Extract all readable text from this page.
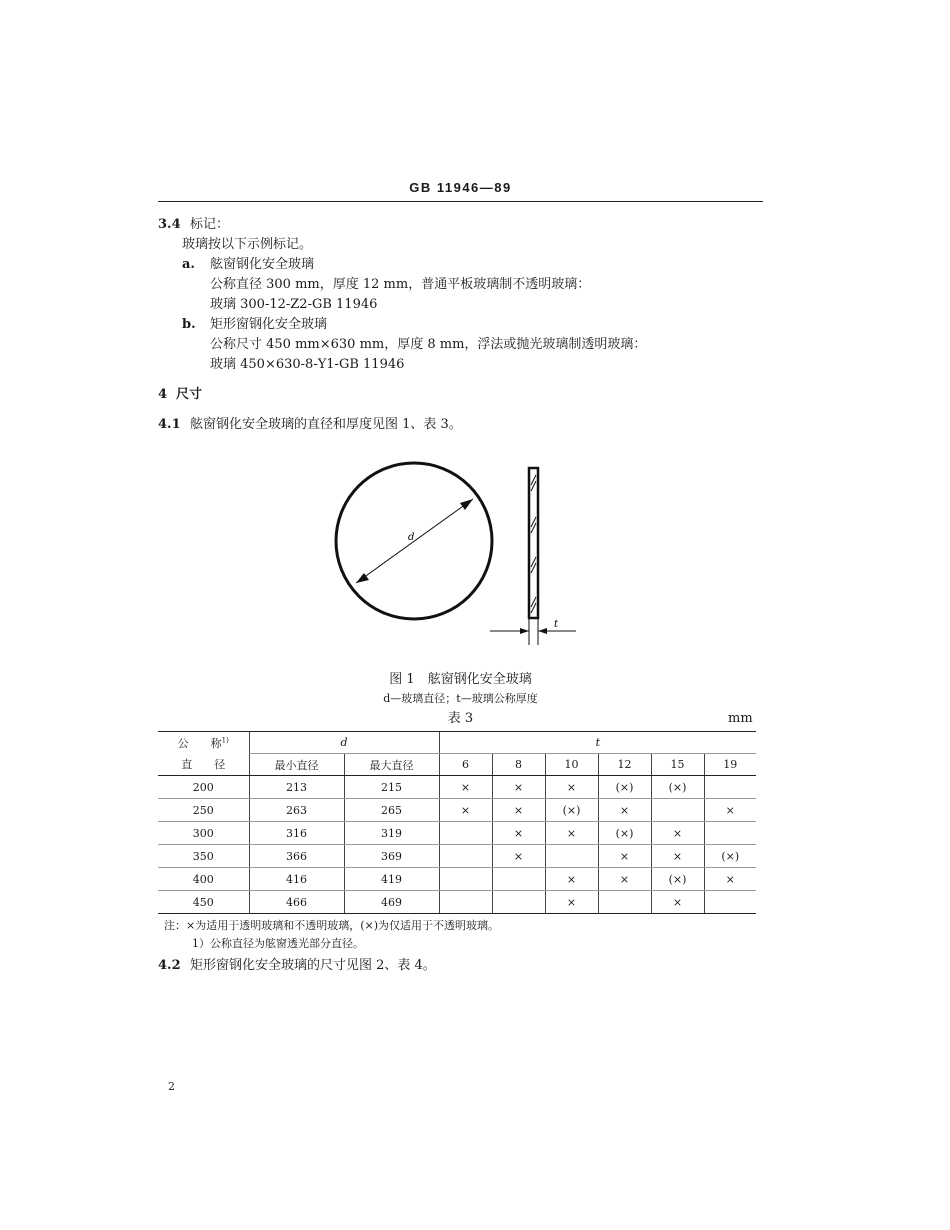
GB 11946—89
3.4 标记：
玻璃按以下示例标记。
a. 舷窗钢化安全玻璃
公称直径 300 mm，厚度 12 mm，普通平板玻璃制不透明玻璃：
玻璃 300-12-Z2-GB 11946
b. 矩形窗钢化安全玻璃
公称尺寸 450 mm×630 mm，厚度 8 mm，浮法或抛光玻璃制透明玻璃：
玻璃 450×630-8-Y1-GB 11946
4 尺寸
4.1 舷窗钢化安全玻璃的直径和厚度见图 1、表 3。
d
t
图 1　舷窗钢化安全玻璃
d—玻璃直径；t—玻璃公称厚度
表 3	mm
公　　称$^{1)}$	d		t					
直　　径	最小直径	最大直径	6	8	10	12	15	19
200	213	215	×	×	×	(×)	(×)	
250	263	265	×	×	(×)	×		×
300	316	319		×	×	(×)	×	
350	366	369		×		×	×	(×)
400	416	419			×	×	(×)	×
450	466	469			×		×	
注：×为适用于透明玻璃和不透明玻璃，(×)为仅适用于不透明玻璃。
1）公称直径为舷窗透光部分直径。
4.2 矩形窗钢化安全玻璃的尺寸见图 2、表 4。
2
